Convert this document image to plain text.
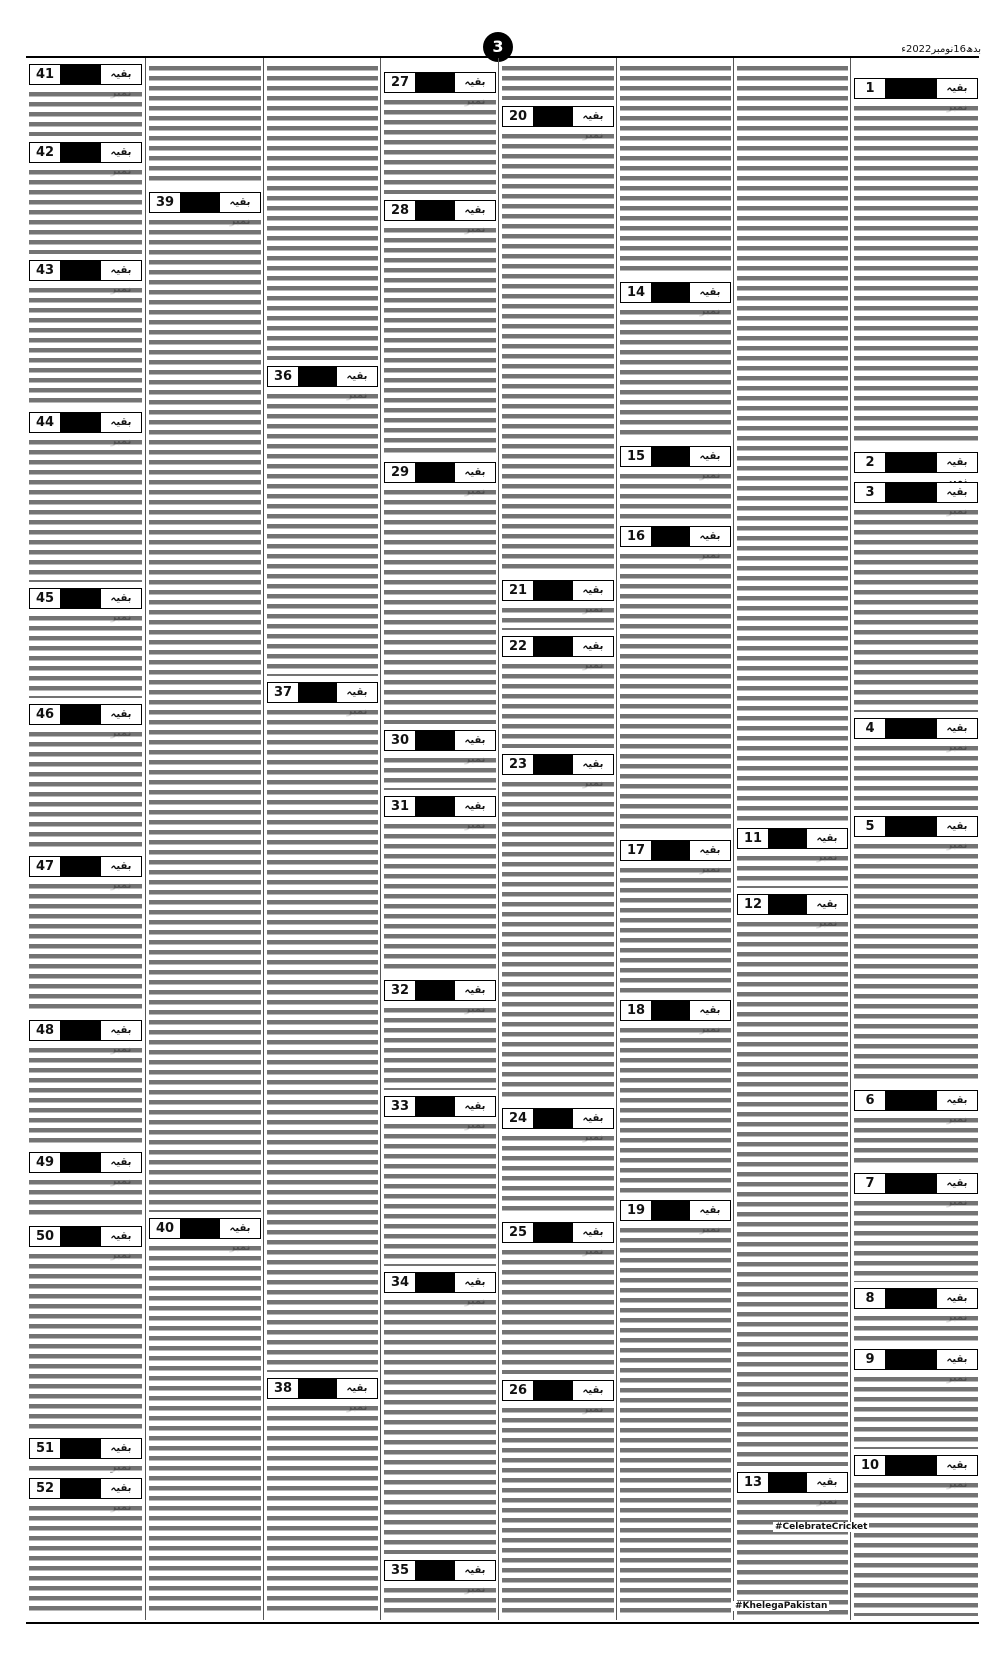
3	بدھ16نومبر2022ء
1	بقیہ
2	بقیہ
3	بقیہ
4	بقیہ
5	بقیہ
6	بقیہ
7	بقیہ
8	بقیہ
9	بقیہ
10	بقیہ
11	بقیہ
12	بقیہ
13	بقیہ
14	بقیہ
15	بقیہ
16	بقیہ
17	بقیہ
18	بقیہ
19	بقیہ
20	بقیہ
21	بقیہ
22	بقیہ
23	بقیہ
24	بقیہ
25	بقیہ
26	بقیہ
27	بقیہ
28	بقیہ
29	بقیہ
30	بقیہ
31	بقیہ
32	بقیہ
33	بقیہ
34	بقیہ
35	بقیہ
36	بقیہ
37	بقیہ
38	بقیہ
39	بقیہ
40	بقیہ
41	بقیہ
42	بقیہ
43	بقیہ
44	بقیہ
45	بقیہ
46	بقیہ
47	بقیہ
48	بقیہ
49	بقیہ
50	بقیہ
51	بقیہ
52	بقیہ
#CelebrateCricket
#KhelegaPakistan
